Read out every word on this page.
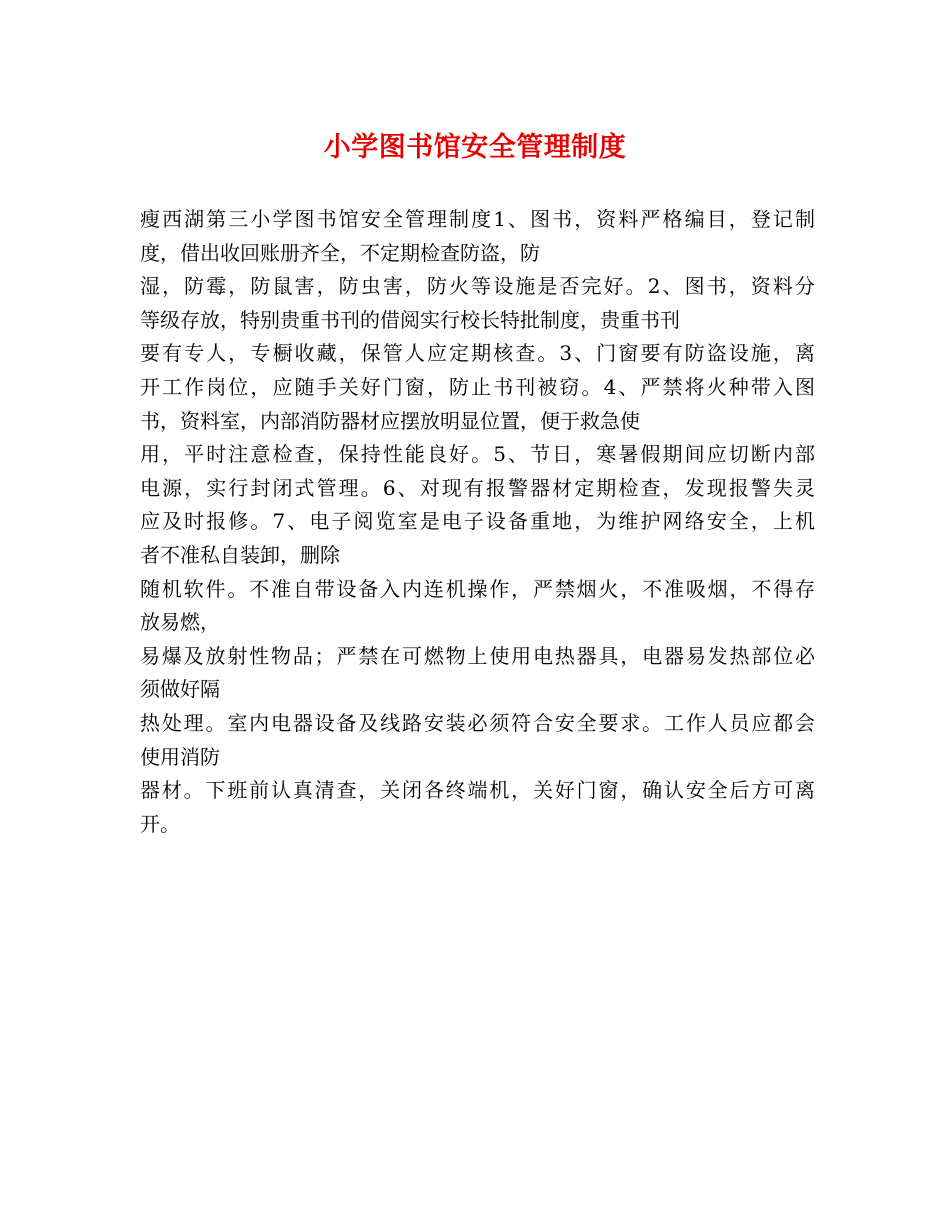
小学图书馆安全管理制度
瘦西湖第三小学图书馆安全管理制度1、图书，资料严格编目，登记制
度，借出收回账册齐全，不定期检查防盗，防
湿，防霉，防鼠害，防虫害，防火等设施是否完好。2、图书，资料分
等级存放，特别贵重书刊的借阅实行校长特批制度，贵重书刊
要有专人，专橱收藏，保管人应定期核查。3、门窗要有防盗设施，离
开工作岗位，应随手关好门窗，防止书刊被窃。4、严禁将火种带入图
书，资料室，内部消防器材应摆放明显位置，便于救急使
用，平时注意检查，保持性能良好。5、节日，寒暑假期间应切断内部
电源，实行封闭式管理。6、对现有报警器材定期检查，发现报警失灵
应及时报修。7、电子阅览室是电子设备重地，为维护网络安全，上机
者不准私自装卸，删除
随机软件。不准自带设备入内连机操作，严禁烟火，不准吸烟，不得存
放易燃，
易爆及放射性物品；严禁在可燃物上使用电热器具，电器易发热部位必
须做好隔
热处理。室内电器设备及线路安装必须符合安全要求。工作人员应都会
使用消防
器材。下班前认真清查，关闭各终端机，关好门窗，确认安全后方可离
开。
